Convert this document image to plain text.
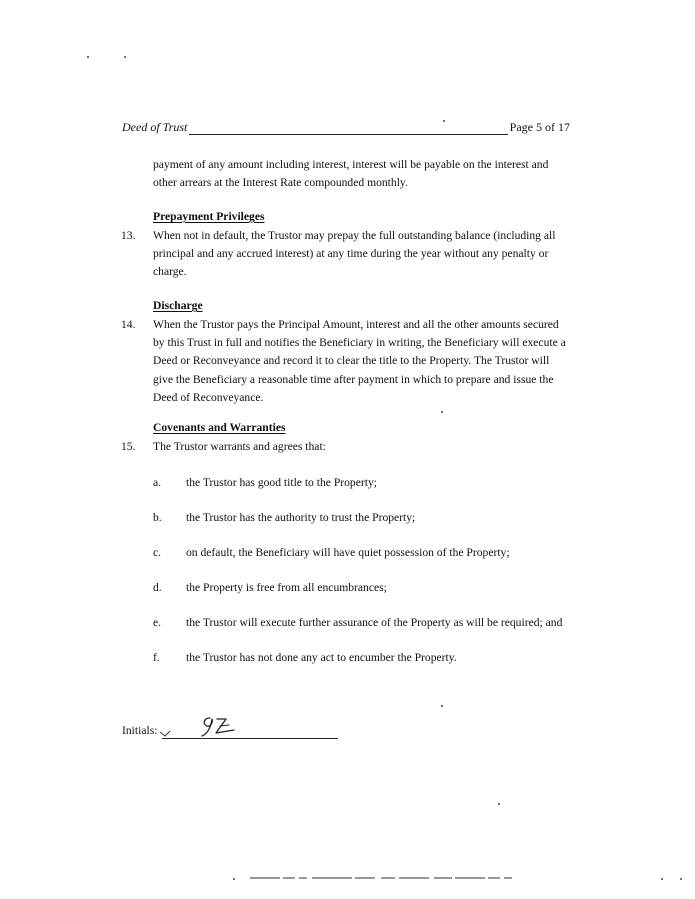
Deed of Trust	Page 5 of 17
payment of any amount including interest, interest will be payable on the interest and
other arrears at the Interest Rate compounded monthly.
Prepayment Privileges
13. When not in default, the Trustor may prepay the full outstanding balance (including all
principal and any accrued interest) at any time during the year without any penalty or
charge.
Discharge
14. When the Trustor pays the Principal Amount, interest and all the other amounts secured
by this Trust in full and notifies the Beneficiary in writing, the Beneficiary will execute a
Deed or Reconveyance and record it to clear the title to the Property. The Trustor will
give the Beneficiary a reasonable time after payment in which to prepare and issue the
Deed of Reconveyance.
Covenants and Warranties
15. The Trustor warrants and agrees that:
a. the Trustor has good title to the Property;
b. the Trustor has the authority to trust the Property;
c. on default, the Beneficiary will have quiet possession of the Property;
d. the Property is free from all encumbrances;
e. the Trustor will execute further assurance of the Property as will be required; and
f. the Trustor has not done any act to encumber the Property.
Initials:
